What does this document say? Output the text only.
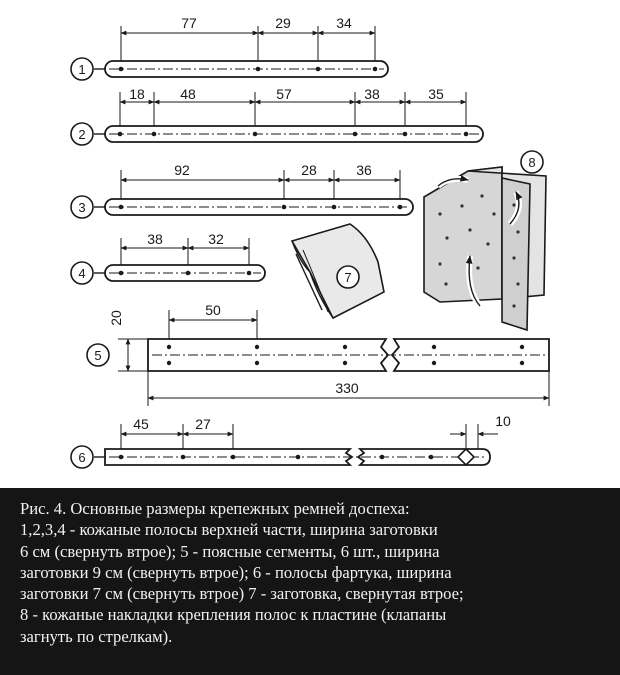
1
77	29	34
2
18	48	57	38	35
3
92	28	36
4
38	32
7
8
5
50
20
330
6
45	27	10
Рис. 4. Основные размеры крепежных ремней доспеха:
1,2,3,4 - кожаные полосы верхней части, ширина заготовки
6 см (свернуть втрое); 5 - поясные сегменты, 6 шт., ширина
заготовки 9 см (свернуть втрое); 6 - полосы фартука, ширина
заготовки 7 см (свернуть втрое) 7 - заготовка, свернутая втрое;
8 - кожаные накладки крепления полос к пластине (клапаны
загнуть по стрелкам).
